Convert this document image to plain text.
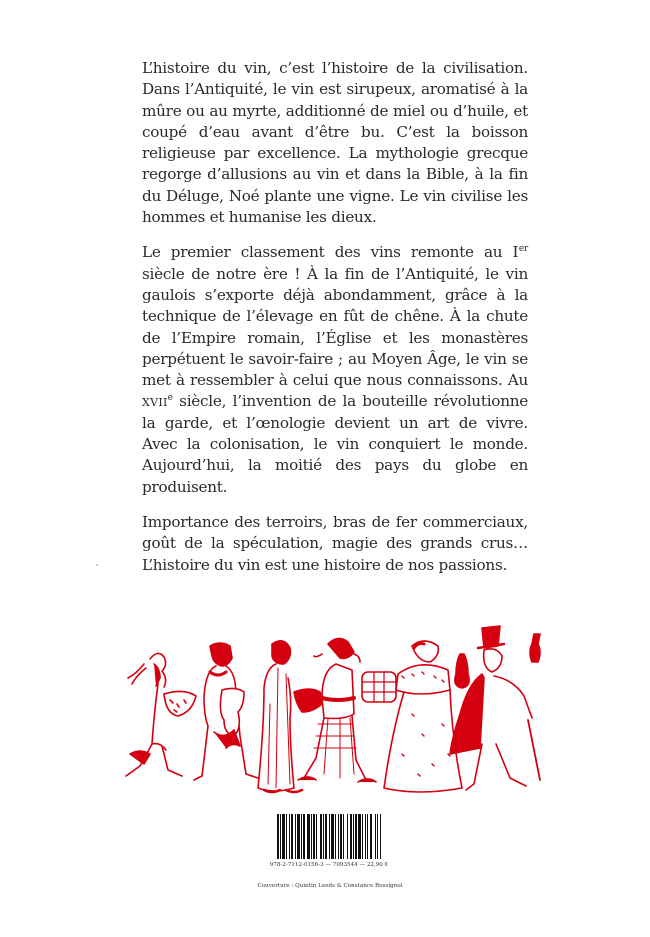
L’histoire du vin, c’est l’histoire de la civilisation. Dans l’Antiquité, le vin est sirupeux, aromatisé à la mûre ou au myrte, additionné de miel ou d’huile, et coupé d’eau avant d’être bu. C’est la boisson religieuse par excellence. La mythologie grecque regorge d’allusions au vin et dans la Bible, à la fin du Déluge, Noé plante une vigne. Le vin civilise les hommes et humanise les dieux.

Le premier classement des vins remonte au Ier siècle de notre ère ! À la fin de l’Antiquité, le vin gaulois s’exporte déjà abondamment, grâce à la technique de l’élevage en fût de chêne. À la chute de l’Empire romain, l’Église et les monastères perpétuent le savoir-faire ; au Moyen Âge, le vin se met à ressembler à celui que nous connaissons. Au xvii$^e$ siècle, l’invention de la bouteille révolutionne la garde, et l’œnologie devient un art de vivre. Avec la colonisation, le vin conquiert le monde. Aujourd’hui, la moitié des pays du globe en produisent.

Importance des terroirs, bras de fer commerciaux, goût de la spéculation, magie des grands crus… L’histoire du vin est une histoire de nos passions.

978-2-7112-0156-3 — 7093544 — 22,90 €
Couverture : Quintin Leeds & Constance Rossignol
